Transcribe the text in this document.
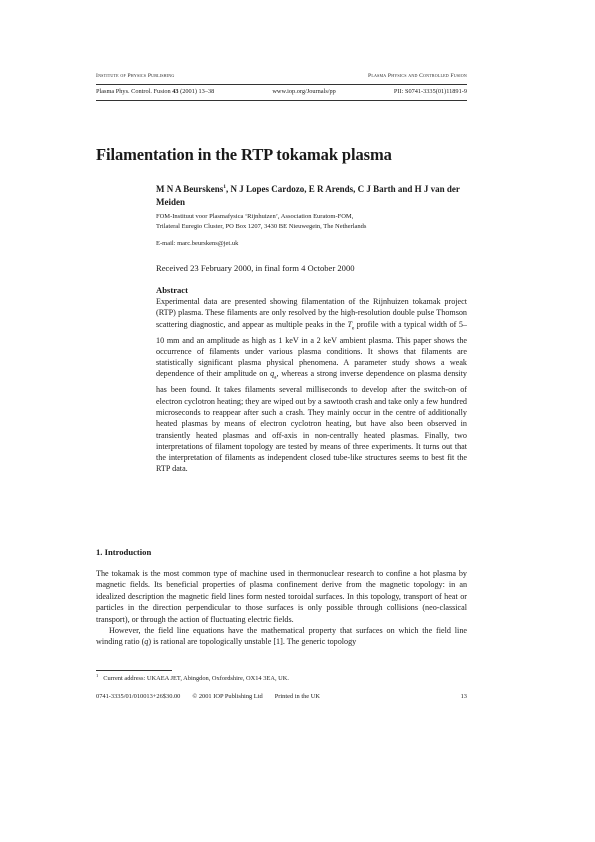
Institute of Physics Publishing	Plasma Physics and Controlled Fusion
Plasma Phys. Control. Fusion 43 (2001) 13–38	www.iop.org/Journals/pp	PII: S0741-3335(01)11891-9
Filamentation in the RTP tokamak plasma

M N A Beurskens$^1$, N J Lopes Cardozo, E R Arends, C J Barth and H J van der Meiden

FOM-Instituut voor Plasmafysica ‘Rijnhuizen’, Association Euratom-FOM,
Trilateral Euregio Cluster, PO Box 1207, 3430 BE Nieuwegein, The Netherlands
E-mail: marc.beurskens@jet.uk
Received 23 February 2000, in final form 4 October 2000
Abstract
Experimental data are presented showing filamentation of the Rijnhuizen tokamak project (RTP) plasma. These filaments are only resolved by the high-resolution double pulse Thomson scattering diagnostic, and appear as multiple peaks in the $T_e$ profile with a typical width of 5–10 mm and an amplitude as high as 1 keV in a 2 keV ambient plasma. This paper shows the occurrence of filaments under various plasma conditions. It shows that filaments are statistically significant plasma physical phenomena. A parameter study shows a weak dependence of their amplitude on $q_a$, whereas a strong inverse dependence on plasma density has been found. It takes filaments several milliseconds to develop after the switch-on of electron cyclotron heating; they are wiped out by a sawtooth crash and take only a few hundred microseconds to reappear after such a crash. They mainly occur in the centre of additionally heated plasmas by means of electron cyclotron heating, but have also been observed in transiently heated plasmas and off-axis in non-centrally heated plasmas. Finally, two interpretations of filament topology are tested by means of three experiments. It turns out that the interpretation of filaments as independent closed tube-like structures seems to best fit the RTP data.
1. Introduction

The tokamak is the most common type of machine used in thermonuclear research to confine a hot plasma by magnetic fields. Its beneficial properties of plasma confinement derive from the magnetic topology: in an idealized description the magnetic field lines form nested toroidal surfaces. In this topology, transport of heat or particles in the direction perpendicular to those surfaces is only possible through collisions (neo-classical transport), or through the action of fluctuating electric fields.

However, the field line equations have the mathematical property that surfaces on which the field line winding ratio (q) is rational are topologically unstable [1]. The generic topology

$^1$ Current address: UKAEA JET, Abingdon, Oxfordshire, OX14 3EA, UK.
0741-3335/01/010013+26$30.00 © 2001 IOP Publishing Ltd Printed in the UK	13
